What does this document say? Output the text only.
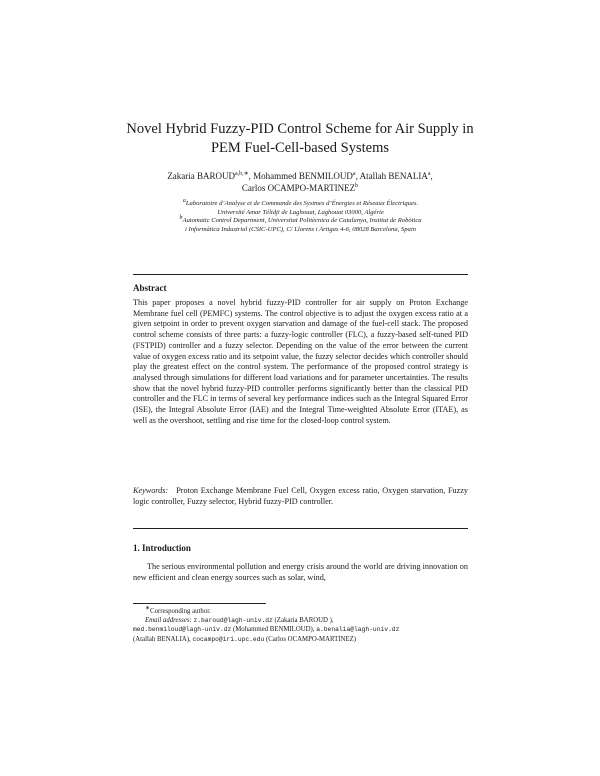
Novel Hybrid Fuzzy-PID Control Scheme for Air Supply in PEM Fuel-Cell-based Systems
Zakaria $BAROUD^{a,b,∗}$, Mohammed BENMILOUD$^a$, Atallah BENALIA$^a$,
Carlos OCAMPO-MARTINEZ$^b$
$^a$Laboratoire d’Analyse et de Commande des Systmes d’Énergies et Réseaux Électriques.
Université Amar Télidji de Laghouat, Laghouat 03000, Algérie
$^b$Automatic Control Department, Universitat Politècnica de Catalunya, Institut de Robòtica
i Informàtica Industrial (CSIC-UPC), C/ Llorens i Artigas 4-6, 08028 Barcelona, Spain
Abstract
This paper proposes a novel hybrid fuzzy-PID controller for air supply on Proton Exchange Membrane fuel cell (PEMFC) systems. The control objective is to adjust the oxygen excess ratio at a given setpoint in order to prevent oxygen starvation and damage of the fuel-cell stack. The proposed control scheme consists of three parts: a fuzzy-logic controller (FLC), a fuzzy-based self-tuned PID (FSTPID) controller and a fuzzy selector. Depending on the value of the error between the current value of oxygen excess ratio and its setpoint value, the fuzzy selector decides which controller should play the greatest effect on the control system. The performance of the proposed control strategy is analysed through simulations for different load variations and for parameter uncertainties. The results show that the novel hybrid fuzzy-PID controller performs significantly better than the classical PID controller and the FLC in terms of several key performance indices such as the Integral Squared Error (ISE), the Integral Absolute Error (IAE) and the Integral Time-weighted Absolute Error (ITAE), as well as the overshoot, settling and rise time for the closed-loop control system.
Keywords: Proton Exchange Membrane Fuel Cell, Oxygen excess ratio, Oxygen starvation, Fuzzy logic controller, Fuzzy selector, Hybrid fuzzy-PID controller.
1. Introduction
The serious environmental pollution and energy crisis around the world are driving innovation on new efficient and clean energy sources such as solar, wind,
∗Corresponding author.
Email addresses: z.baroud@lagh-univ.dz (Zakaria BAROUD ),
med.benmiloud@lagh-univ.dz (Mohammed BENMILOUD), a.benalia@lagh-univ.dz
(Atallah BENALIA), cocampo@iri.upc.edu (Carlos OCAMPO-MARTINEZ)
